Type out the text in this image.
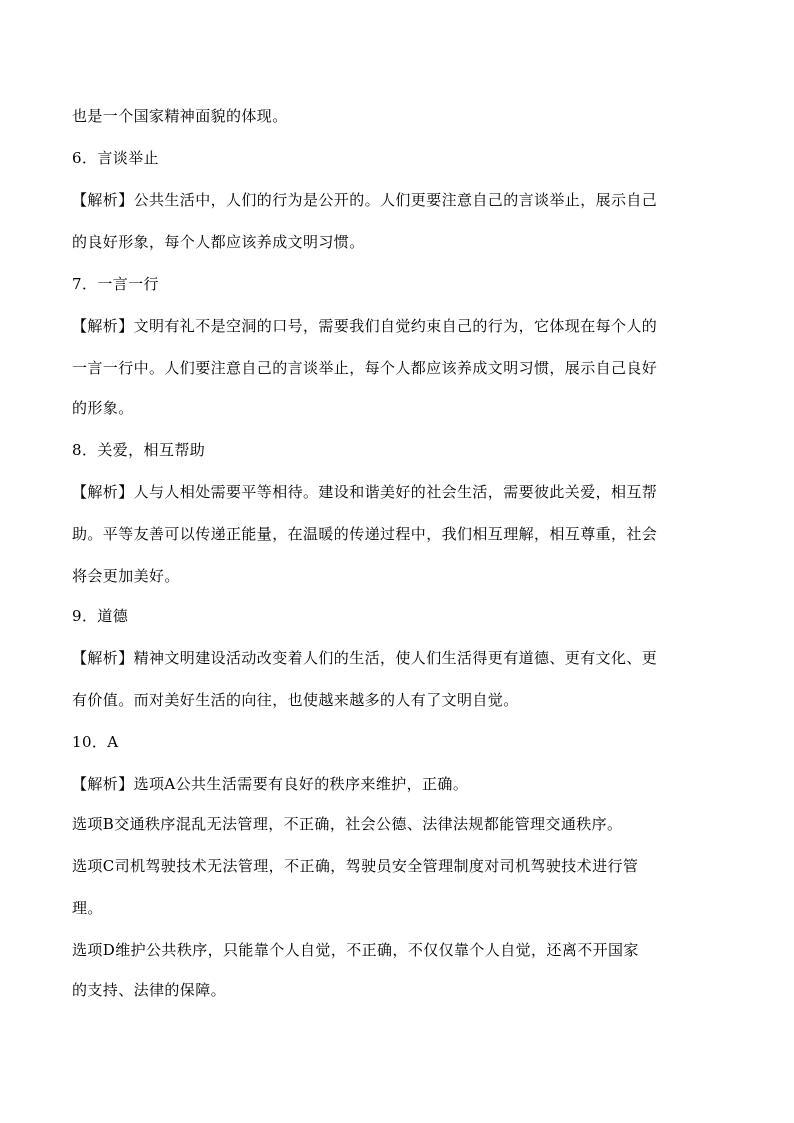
也是一个国家精神面貌的体现。
6．言谈举止
【解析】公共生活中，人们的行为是公开的。人们更要注意自己的言谈举止，展示自己
的良好形象，每个人都应该养成文明习惯。
7．一言一行
【解析】文明有礼不是空洞的口号，需要我们自觉约束自己的行为，它体现在每个人的
一言一行中。人们要注意自己的言谈举止，每个人都应该养成文明习惯，展示自己良好
的形象。
8．关爱，相互帮助
【解析】人与人相处需要平等相待。建设和谐美好的社会生活，需要彼此关爱，相互帮
助。平等友善可以传递正能量，在温暖的传递过程中，我们相互理解，相互尊重，社会
将会更加美好。
9．道德
【解析】精神文明建设活动改变着人们的生活，使人们生活得更有道德、更有文化、更
有价值。而对美好生活的向往，也使越来越多的人有了文明自觉。
10．A
【解析】选项A公共生活需要有良好的秩序来维护，正确。
选项B交通秩序混乱无法管理，不正确，社会公德、法律法规都能管理交通秩序。
选项C司机驾驶技术无法管理，不正确，驾驶员安全管理制度对司机驾驶技术进行管
理。
选项D维护公共秩序，只能靠个人自觉，不正确，不仅仅靠个人自觉，还离不开国家
的支持、法律的保障。
